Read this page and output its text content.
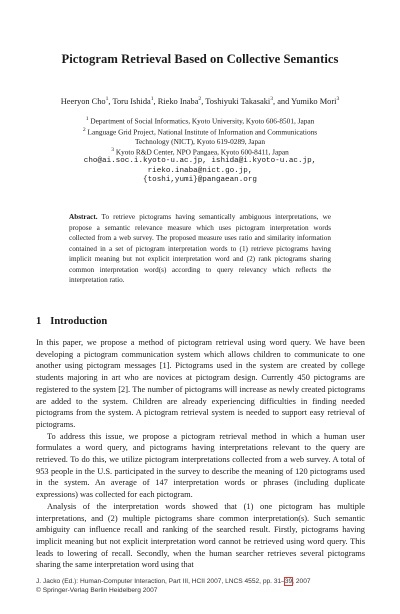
Pictogram Retrieval Based on Collective Semantics
Heeryon Cho$^1$, Toru Ishida$^1$, Rieko Inaba$^2$, Toshiyuki Takasaki$^3$, and Yumiko Mori$^3$
$^1$ Department of Social Informatics, Kyoto University, Kyoto 606-8501, Japan
$^2$ Language Grid Project, National Institute of Information and Communications
Technology (NICT), Kyoto 619-0289, Japan
$^3$ Kyoto R&D Center, NPO Pangaea, Kyoto 600-8411, Japan
cho@ai.soc.i.kyoto-u.ac.jp, ishida@i.kyoto-u.ac.jp,
rieko.inaba@nict.go.jp,
{toshi,yumi}@pangaean.org
Abstract. To retrieve pictograms having semantically ambiguous interpretations, we propose a semantic relevance measure which uses pictogram interpretation words collected from a web survey. The proposed measure uses ratio and similarity information contained in a set of pictogram interpretation words to (1) retrieve pictograms having implicit meaning but not explicit interpretation word and (2) rank pictograms sharing common interpretation word(s) according to query relevancy which reflects the interpretation ratio.
1 Introduction

In this paper, we propose a method of pictogram retrieval using word query. We have been developing a pictogram communication system which allows children to communicate to one another using pictogram messages [1]. Pictograms used in the system are created by college students majoring in art who are novices at pictogram design. Currently 450 pictograms are registered to the system [2]. The number of pictograms will increase as newly created pictograms are added to the system. Children are already experiencing difficulties in finding needed pictograms from the system. A pictogram retrieval system is needed to support easy retrieval of pictograms.

To address this issue, we propose a pictogram retrieval method in which a human user formulates a word query, and pictograms having interpretations relevant to the query are retrieved. To do this, we utilize pictogram interpretations collected from a web survey. A total of 953 people in the U.S. participated in the survey to describe the meaning of 120 pictograms used in the system. An average of 147 interpretation words or phrases (including duplicate expressions) was collected for each pictogram.

Analysis of the interpretation words showed that (1) one pictogram has multiple interpretations, and (2) multiple pictograms share common interpretation(s). Such semantic ambiguity can influence recall and ranking of the searched result. Firstly, pictograms having implicit meaning but not explicit interpretation word cannot be retrieved using word query. This leads to lowering of recall. Secondly, when the human searcher retrieves several pictograms sharing the same interpretation word using that

J. Jacko (Ed.): Human-Computer Interaction, Part III, HCII 2007, LNCS 4552, pp. 31–39, 2007
© Springer-Verlag Berlin Heidelberg 2007
